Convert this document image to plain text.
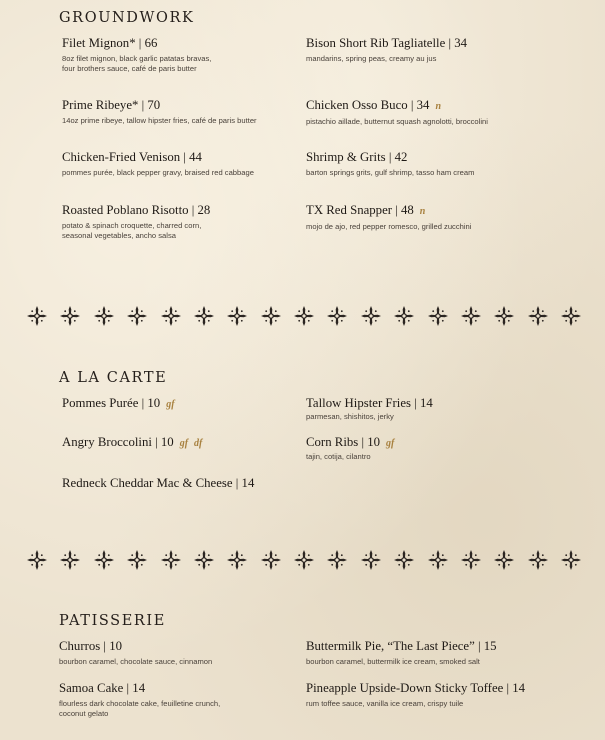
GROUNDWORK
Filet Mignon* | 66
8oz filet mignon, black garlic patatas bravas,
four brothers sauce, café de paris butter
Bison Short Rib Tagliatelle | 34
mandarins, spring peas, creamy au jus
Prime Ribeye* | 70
14oz prime ribeye, tallow hipster fries, café de paris butter
Chicken Osso Buco | 34 n
pistachio aillade, butternut squash agnolotti, broccolini
Chicken-Fried Venison | 44
pommes purée, black pepper gravy, braised red cabbage
Shrimp & Grits | 42
barton springs grits, gulf shrimp, tasso ham cream
Roasted Poblano Risotto | 28
potato & spinach croquette, charred corn,
seasonal vegetables, ancho salsa
TX Red Snapper | 48 n
mojo de ajo, red pepper romesco, grilled zucchini
A LA CARTE
Pommes Purée | 10 gf	Tallow Hipster Fries | 14
parmesan, shishitos, jerky
Angry Broccolini | 10 gf df	Corn Ribs | 10 gf
tajin, cotija, cilantro
Redneck Cheddar Mac & Cheese | 14
PATISSERIE
Churros | 10
bourbon caramel, chocolate sauce, cinnamon
Buttermilk Pie, “The Last Piece” | 15
bourbon caramel, buttermilk ice cream, smoked salt
Samoa Cake | 14
flourless dark chocolate cake, feuilletine crunch,
coconut gelato
Pineapple Upside-Down Sticky Toffee | 14
rum toffee sauce, vanilla ice cream, crispy tuile
